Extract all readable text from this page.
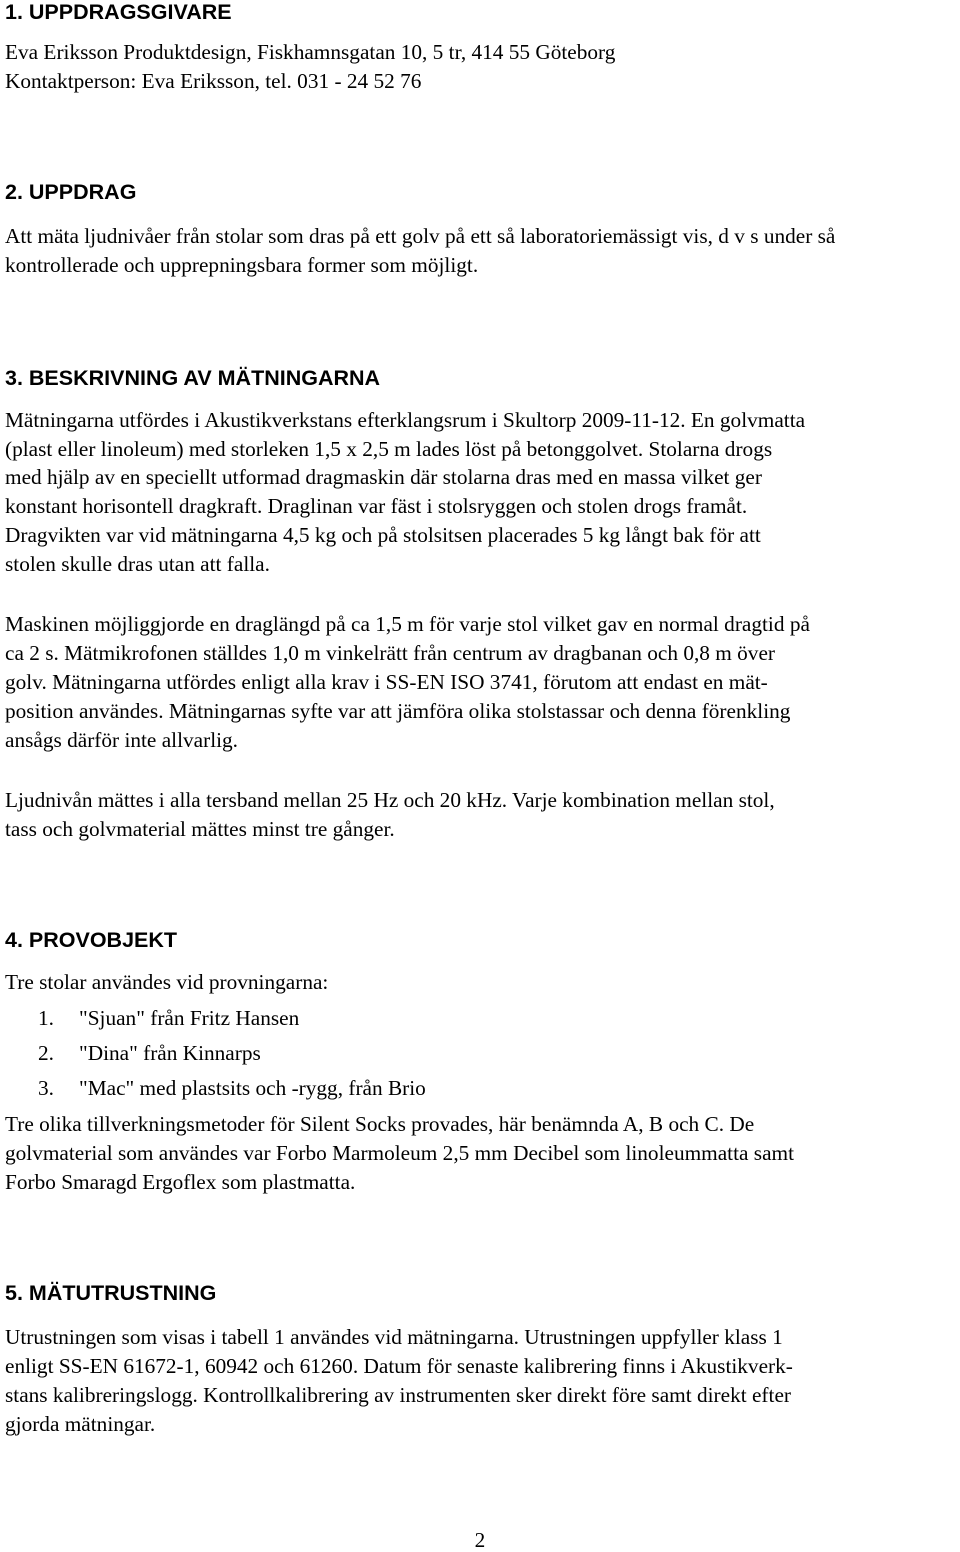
1. UPPDRAGSGIVARE
Eva Eriksson Produktdesign, Fiskhamnsgatan 10, 5 tr, 414 55 Göteborg
Kontaktperson: Eva Eriksson, tel. 031 - 24 52 76
2. UPPDRAG
Att mäta ljudnivåer från stolar som dras på ett golv på ett så laboratoriemässigt vis, d v s under så
kontrollerade och upprepningsbara former som möjligt.
3. BESKRIVNING AV MÄTNINGARNA
Mätningarna utfördes i Akustikverkstans efterklangsrum i Skultorp 2009-11-12. En golvmatta
(plast eller linoleum) med storleken 1,5 x 2,5 m lades löst på betonggolvet. Stolarna drogs
med hjälp av en speciellt utformad dragmaskin där stolarna dras med en massa vilket ger
konstant horisontell dragkraft. Draglinan var fäst i stolsryggen och stolen drogs framåt.
Dragvikten var vid mätningarna 4,5 kg och på stolsitsen placerades 5 kg långt bak för att
stolen skulle dras utan att falla.
Maskinen möjliggjorde en draglängd på ca 1,5 m för varje stol vilket gav en normal dragtid på
ca 2 s. Mätmikrofonen ställdes 1,0 m vinkelrätt från centrum av dragbanan och 0,8 m över
golv. Mätningarna utfördes enligt alla krav i SS-EN ISO 3741, förutom att endast en mät-
position användes. Mätningarnas syfte var att jämföra olika stolstassar och denna förenkling
ansågs därför inte allvarlig.
Ljudnivån mättes i alla tersband mellan 25 Hz och 20 kHz. Varje kombination mellan stol,
tass och golvmaterial mättes minst tre gånger.
4. PROVOBJEKT
Tre stolar användes vid provningarna:
1. "Sjuan" från Fritz Hansen
2. "Dina" från Kinnarps
3. "Mac" med plastsits och -rygg, från Brio
Tre olika tillverkningsmetoder för Silent Socks provades, här benämnda A, B och C. De
golvmaterial som användes var Forbo Marmoleum 2,5 mm Decibel som linoleummatta samt
Forbo Smaragd Ergoflex som plastmatta.
5. MÄTUTRUSTNING
Utrustningen som visas i tabell 1 användes vid mätningarna. Utrustningen uppfyller klass 1
enligt SS-EN 61672-1, 60942 och 61260. Datum för senaste kalibrering finns i Akustikverk-
stans kalibreringslogg. Kontrollkalibrering av instrumenten sker direkt före samt direkt efter
gjorda mätningar.
2
